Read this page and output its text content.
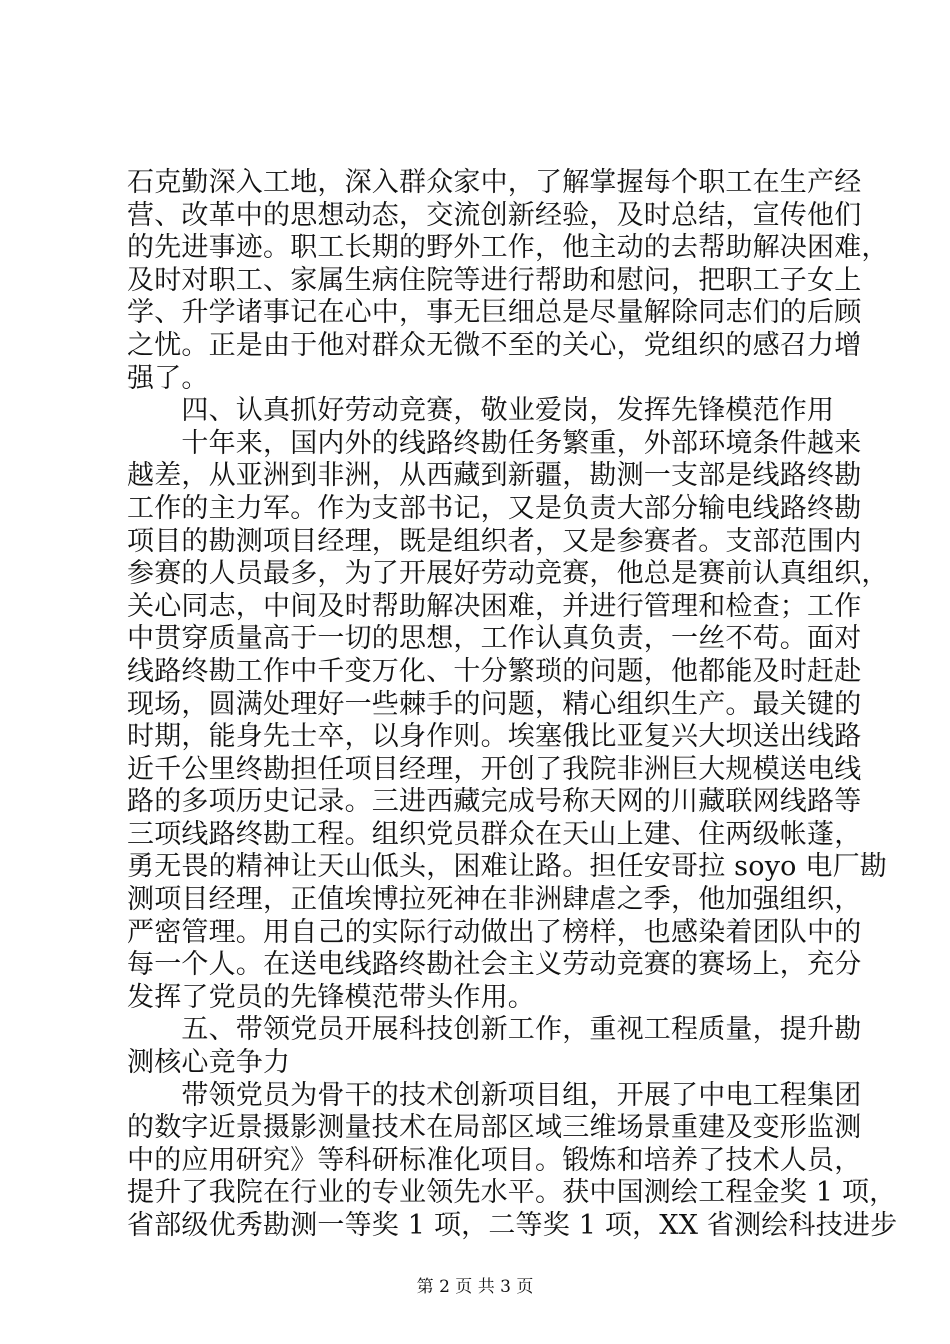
石克勤深入工地，深入群众家中，了解掌握每个职工在生产经
营、改革中的思想动态，交流创新经验，及时总结，宣传他们
的先进事迹。职工长期的野外工作，他主动的去帮助解决困难，
及时对职工、家属生病住院等进行帮助和慰问，把职工子女上
学、升学诸事记在心中，事无巨细总是尽量解除同志们的后顾
之忧。正是由于他对群众无微不至的关心，党组织的感召力增
强了。
　　四、认真抓好劳动竞赛，敬业爱岗，发挥先锋模范作用
　　十年来，国内外的线路终勘任务繁重，外部环境条件越来
越差，从亚洲到非洲，从西藏到新疆，勘测一支部是线路终勘
工作的主力军。作为支部书记，又是负责大部分输电线路终勘
项目的勘测项目经理，既是组织者，又是参赛者。支部范围内
参赛的人员最多，为了开展好劳动竞赛，他总是赛前认真组织，
关心同志，中间及时帮助解决困难，并进行管理和检查；工作
中贯穿质量高于一切的思想，工作认真负责，一丝不苟。面对
线路终勘工作中千变万化、十分繁琐的问题，他都能及时赶赴
现场，圆满处理好一些棘手的问题，精心组织生产。最关键的
时期，能身先士卒，以身作则。埃塞俄比亚复兴大坝送出线路
近千公里终勘担任项目经理，开创了我院非洲巨大规模送电线
路的多项历史记录。三进西藏完成号称天网的川藏联网线路等
三项线路终勘工程。组织党员群众在天山上建、住两级帐蓬，
勇无畏的精神让天山低头，困难让路。担任安哥拉 soyo 电厂勘
测项目经理，正值埃博拉死神在非洲肆虐之季，他加强组织，
严密管理。用自己的实际行动做出了榜样，也感染着团队中的
每一个人。在送电线路终勘社会主义劳动竞赛的赛场上，充分
发挥了党员的先锋模范带头作用。
　　五、带领党员开展科技创新工作，重视工程质量，提升勘
测核心竞争力
　　带领党员为骨干的技术创新项目组，开展了中电工程集团
的数字近景摄影测量技术在局部区域三维场景重建及变形监测
中的应用研究》等科研标准化项目。锻炼和培养了技术人员，
提升了我院在行业的专业领先水平。获中国测绘工程金奖 1 项，
省部级优秀勘测一等奖 1 项，二等奖 1 项，XX 省测绘科技进步
第 2 页 共 3 页
